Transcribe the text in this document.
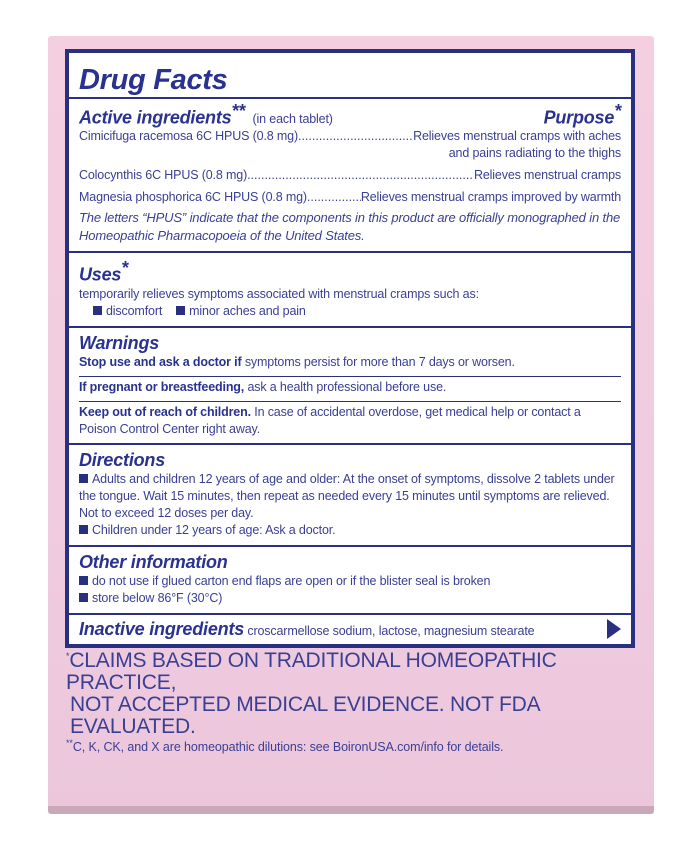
Drug Facts
Active ingredients** (in each tablet)	Purpose*
Cimicifuga racemosa 6C HPUS (0.8 mg) .....	Relieves menstrual cramps with aches
and pains radiating to the thighs
Colocynthis 6C HPUS (0.8 mg) .....	Relieves menstrual cramps
Magnesia phosphorica 6C HPUS (0.8 mg) .....	Relieves menstrual cramps improved by warmth
The letters “HPUS” indicate that the components in this product are officially monographed in the Homeopathic Pharmacopoeia of the United States.
Uses*
temporarily relieves symptoms associated with menstrual cramps such as:
discomfort	minor aches and pain
Warnings
Stop use and ask a doctor if symptoms persist for more than 7 days or worsen.
If pregnant or breastfeeding, ask a health professional before use.
Keep out of reach of children. In case of accidental overdose, get medical help or contact a Poison Control Center right away.
Directions
Adults and children 12 years of age and older: At the onset of symptoms, dissolve 2 tablets under the tongue. Wait 15 minutes, then repeat as needed every 15 minutes until symptoms are relieved. Not to exceed 12 doses per day.
Children under 12 years of age: Ask a doctor.
Other information
do not use if glued carton end flaps are open or if the blister seal is broken
store below 86°F (30°C)
Inactive ingredients croscarmellose sodium, lactose, magnesium stearate
*CLAIMS BASED ON TRADITIONAL HOMEOPATHIC PRACTICE,
NOT ACCEPTED MEDICAL EVIDENCE. NOT FDA EVALUATED.
**C, K, CK, and X are homeopathic dilutions: see BoironUSA.com/info for details.
